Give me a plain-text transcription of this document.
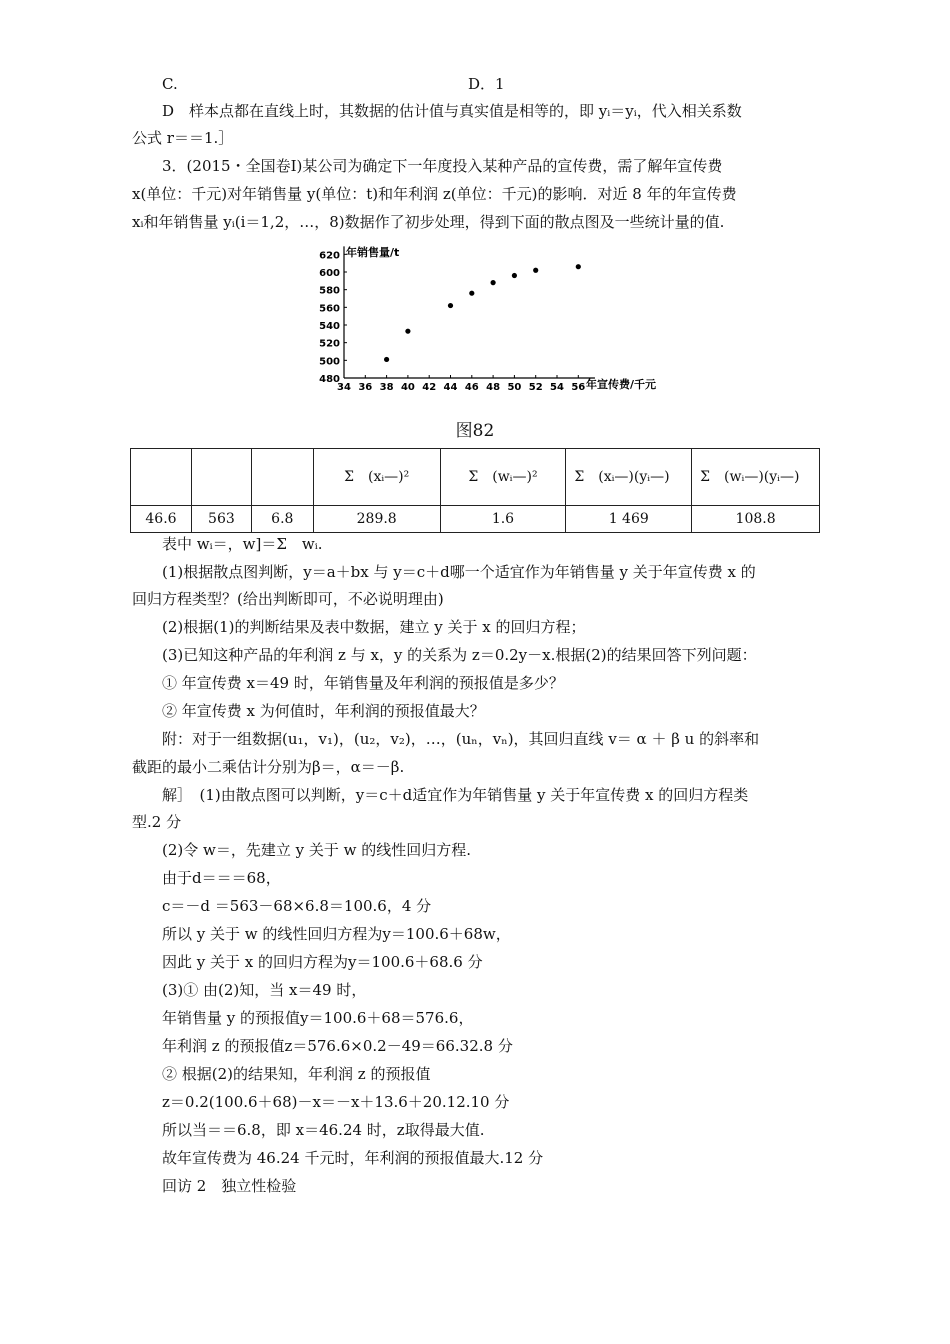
C.	D．1
D　样本点都在直线上时，其数据的估计值与真实值是相等的，即 yᵢ＝yᵢ，代入相关系数
公式 r＝＝1.］
3．(2015・全国卷Ⅰ)某公司为确定下一年度投入某种产品的宣传费，需了解年宣传费
x(单位：千元)对年销售量 y(单位：t)和年利润 z(单位：千元)的影响．对近 8 年的年宣传费
xᵢ和年销售量 yᵢ(i＝1,2，…，8)数据作了初步处理，得到下面的散点图及一些统计量的值.
34 36 38 40 42 44 46 48 50 52 54 56
480
500
520
540
560
580
600
620 年销售量/t
年宣传费/千元
图82

			Σ　(xᵢ—)²	Σ　(wᵢ—)²	Σ　(xᵢ—)(yᵢ—)	Σ　(wᵢ—)(yᵢ—)

46.6	563	6.8	289.8	1.6	1 469	108.8
表中 wᵢ＝，w]＝Σ　wᵢ.
(1)根据散点图判断，y＝a＋bx 与 y＝c＋d哪一个适宜作为年销售量 y 关于年宣传费 x 的
回归方程类型？(给出判断即可，不必说明理由)
(2)根据(1)的判断结果及表中数据，建立 y 关于 x 的回归方程；
(3)已知这种产品的年利润 z 与 x，y 的关系为 z＝0.2y－x.根据(2)的结果回答下列问题：
① 年宣传费 x＝49 时，年销售量及年利润的预报值是多少？
② 年宣传费 x 为何值时，年利润的预报值最大？
附：对于一组数据(u₁，v₁)，(u₂，v₂)，…，(uₙ，vₙ)，其回归直线 v＝ α ＋ β u 的斜率和
截距的最小二乘估计分别为β＝，α＝－β.
解］　(1)由散点图可以判断，y＝c＋d适宜作为年销售量 y 关于年宣传费 x 的回归方程类
型.2 分
(2)令 w＝，先建立 y 关于 w 的线性回归方程.
由于d＝＝＝68，
c＝－d ＝563－68×6.8＝100.6，4 分
所以 y 关于 w 的线性回归方程为y＝100.6＋68w，
因此 y 关于 x 的回归方程为y＝100.6＋68.6 分
(3)① 由(2)知，当 x＝49 时，
年销售量 y 的预报值y＝100.6＋68＝576.6，
年利润 z 的预报值z＝576.6×0.2－49＝66.32.8 分
② 根据(2)的结果知，年利润 z 的预报值
z＝0.2(100.6＋68)－x＝－x＋13.6＋20.12.10 分
所以当＝＝6.8，即 x＝46.24 时，z取得最大值.
故年宣传费为 46.24 千元时，年利润的预报值最大.12 分
回访 2　独立性检验
